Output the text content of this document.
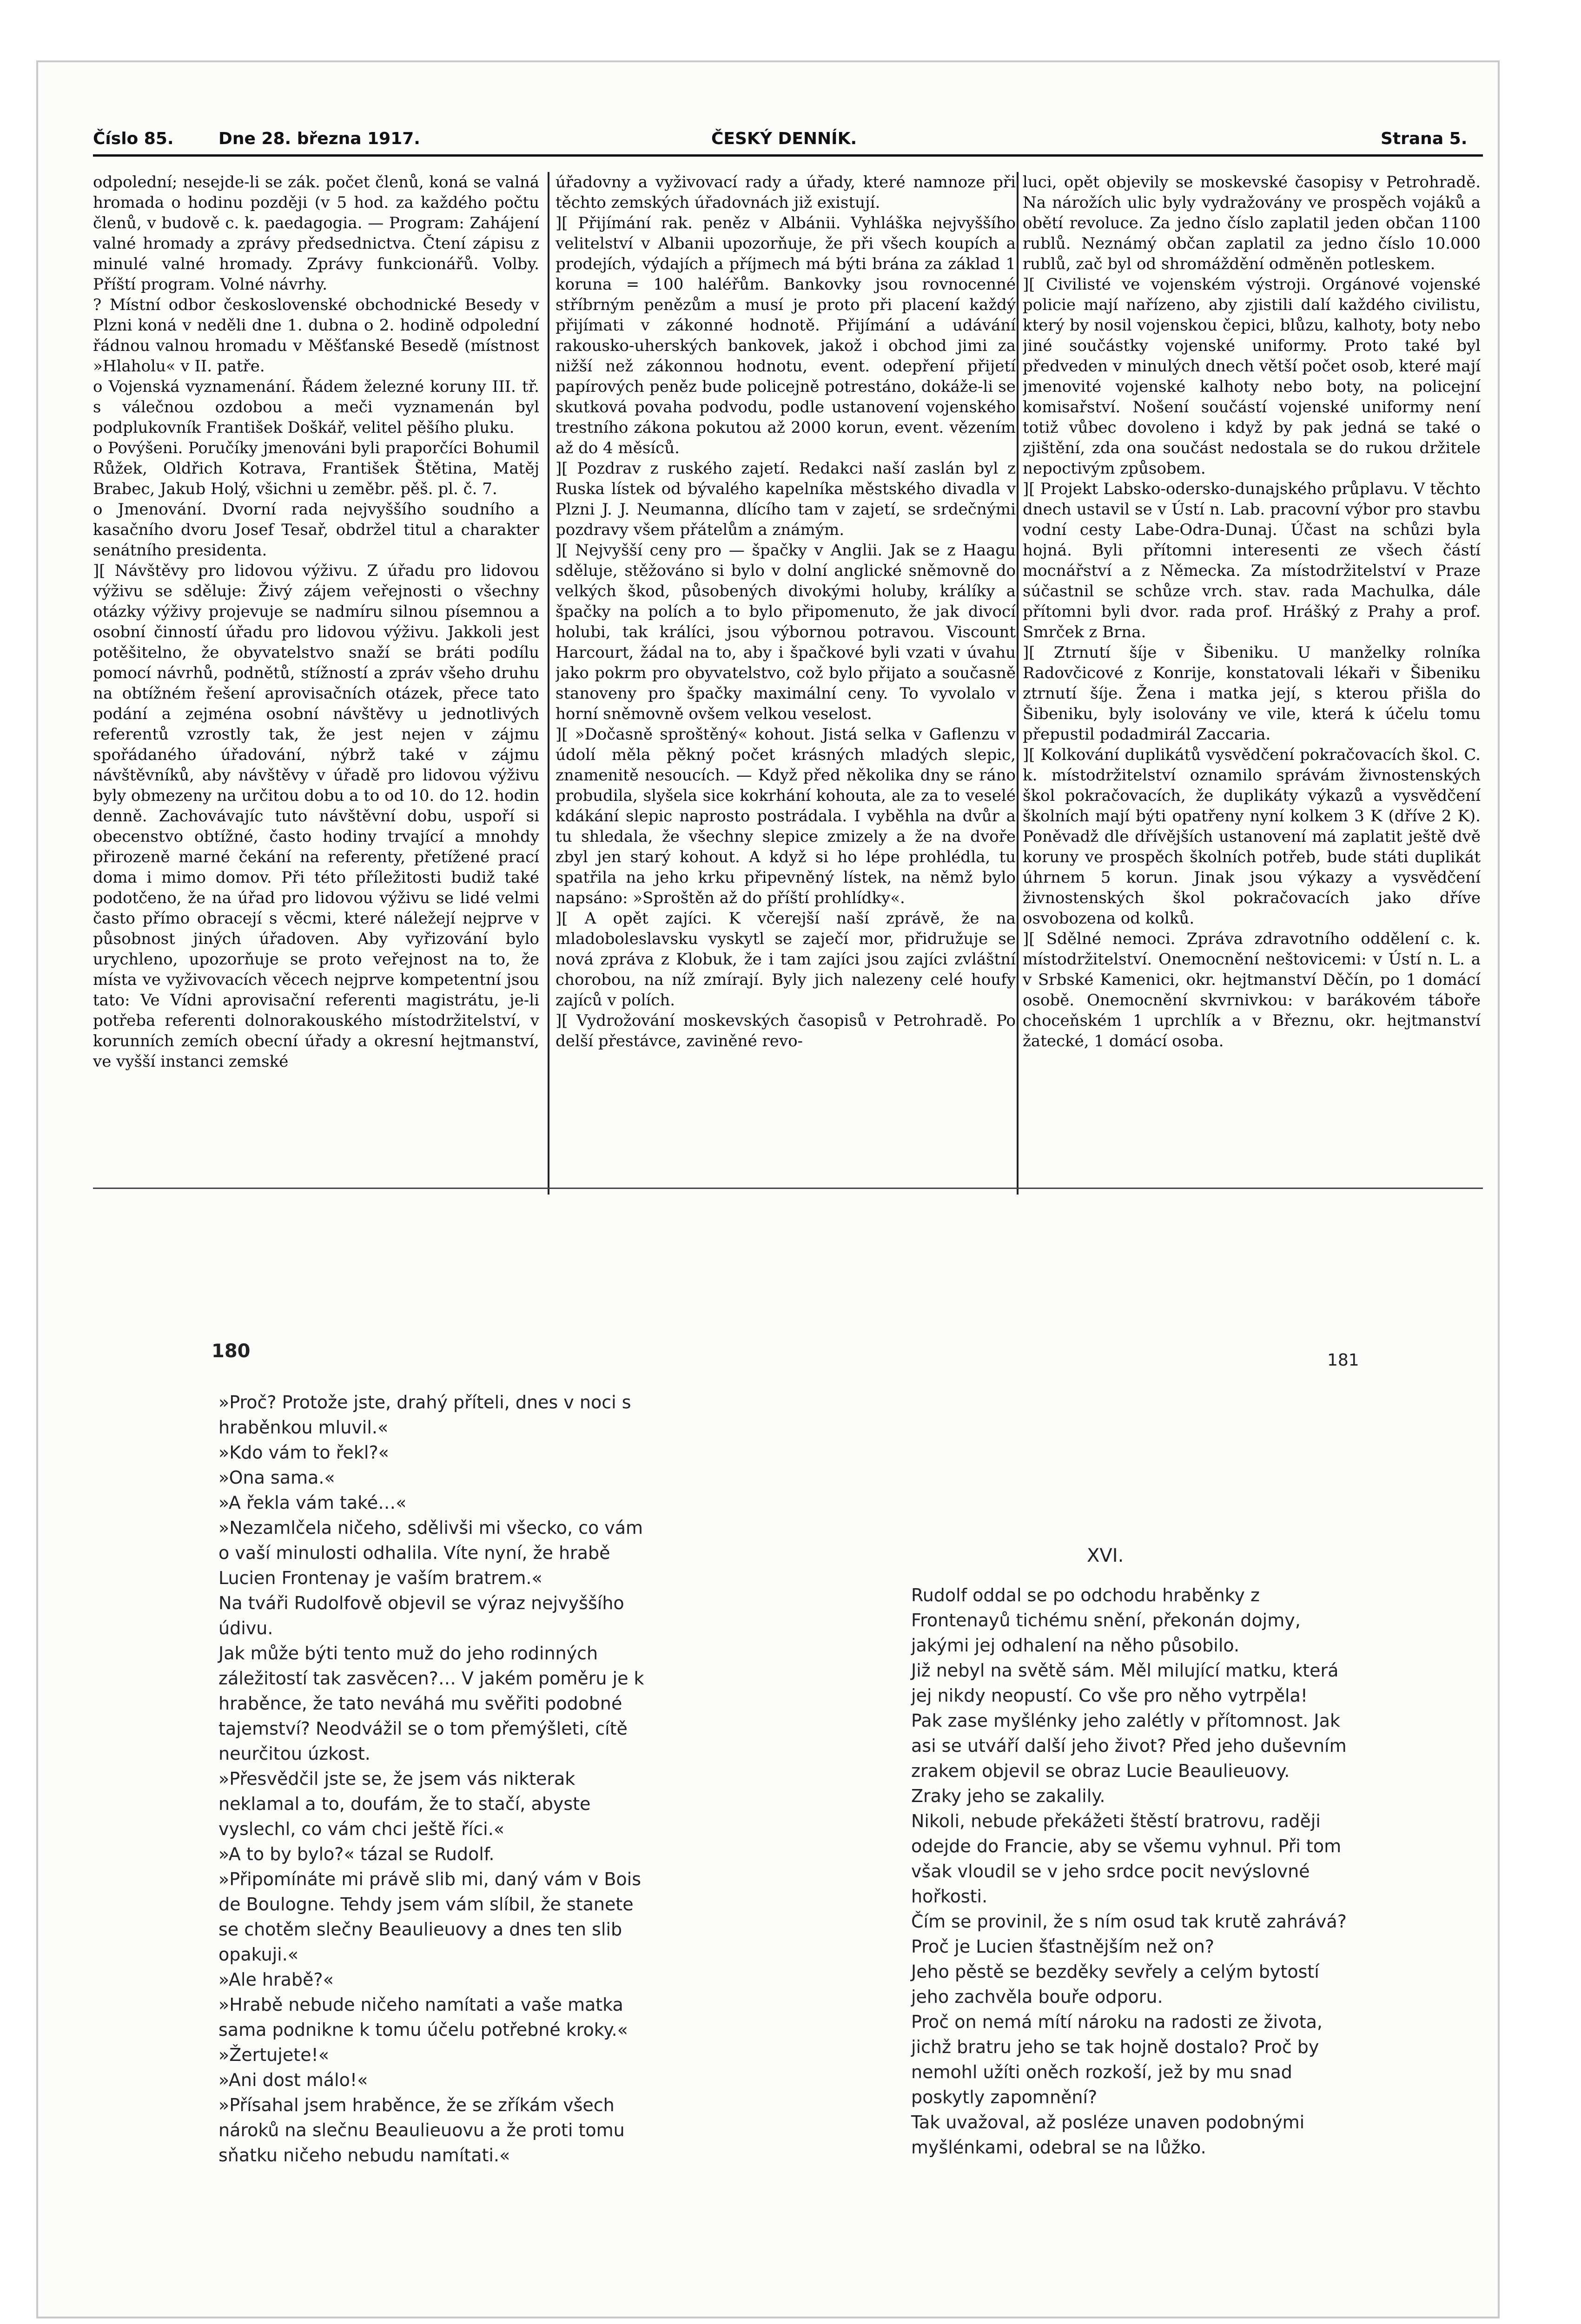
Číslo 85.	Dne 28. března 1917.	ČESKÝ DENNÍK.	Strana 5.

odpolední; nesejde-li se zák. počet členů, koná se valná hromada o hodinu později (v 5 hod. za každého počtu členů, v budově c. k. paedagogia. — Program: Zahájení valné hromady a zprávy předsednictva. Čtení zápisu z minulé valné hromady. Zprávy funkcionářů. Volby. Příští program. Volné návrhy.

? Místní odbor československé obchodnické Besedy v Plzni koná v neděli dne 1. dubna o 2. hodině odpolední řádnou valnou hromadu v Měšťanské Besedě (místnost »Hlaholu« v II. patře.

o Vojenská vyznamenání. Řádem železné koruny III. tř. s válečnou ozdobou a meči vyznamenán byl podplukovník František Doškář, velitel pěšího pluku.

o Povýšeni. Poručíky jmenováni byli praporčíci Bohumil Růžek, Oldřich Kotrava, František Štětina, Matěj Brabec, Jakub Holý, všichni u zeměbr. pěš. pl. č. 7.

o Jmenování. Dvorní rada nejvyššího soudního a kasačního dvoru Josef Tesař, obdržel titul a charakter senátního presidenta.

][ Návštěvy pro lidovou výživu. Z úřadu pro lidovou výživu se sděluje: Živý zájem veřejnosti o všechny otázky výživy projevuje se nadmíru silnou písemnou a osobní činností úřadu pro lidovou výživu. Jakkoli jest potěšitelno, že obyvatelstvo snaží se bráti podílu pomocí návrhů, podnětů, stížností a zpráv všeho druhu na obtížném řešení aprovisačních otázek, přece tato podání a zejména osobní návštěvy u jednotlivých referentů vzrostly tak, že jest nejen v zájmu spořádaného úřadování, nýbrž také v zájmu návštěvníků, aby návštěvy v úřadě pro lidovou výživu byly obmezeny na určitou dobu a to od 10. do 12. hodin denně. Zachovávajíc tuto návštěvní dobu, uspoří si obecenstvo obtížné, často hodiny trvající a mnohdy přirozeně marné čekání na referenty, přetížené prací doma i mimo domov. Při této příležitosti budiž také podotčeno, že na úřad pro lidovou výživu se lidé velmi často přímo obracejí s věcmi, které náležejí nejprve v působnost jiných úřadoven. Aby vyřizování bylo urychleno, upozorňuje se proto veřejnost na to, že místa ve vyživovacích věcech nejprve kompetentní jsou tato: Ve Vídni aprovisační referenti magistrátu, je-li potřeba referenti dolnorakouského místodržitelství, v korunních zemích obecní úřady a okresní hejtmanství, ve vyšší instanci zemské

úřadovny a vyživovací rady a úřady, které namnoze při těchto zemských úřadovnách již existují.

][ Přijímání rak. peněz v Albánii. Vyhláška nejvyššího velitelství v Albanii upozorňuje, že při všech koupích a prodejích, výdajích a příjmech má býti brána za základ 1 koruna = 100 haléřům. Bankovky jsou rovnocenné stříbrným penězům a musí je proto při placení každý přijímati v zákonné hodnotě. Přijímání a udávání rakousko-uherských bankovek, jakož i obchod jimi za nižší než zákonnou hodnotu, event. odepření přijetí papírových peněz bude policejně potrestáno, dokáže-li se skutková povaha podvodu, podle ustanovení vojenského trestního zákona pokutou až 2000 korun, event. vězením až do 4 měsíců.

][ Pozdrav z ruského zajetí. Redakci naší zaslán byl z Ruska lístek od bývalého kapelníka městského divadla v Plzni J. J. Neumanna, dlícího tam v zajetí, se srdečnými pozdravy všem přátelům a známým.

][ Nejvyšší ceny pro — špačky v Anglii. Jak se z Haagu sděluje, stěžováno si bylo v dolní anglické sněmovně do velkých škod, působených divokými holuby, králíky a špačky na polích a to bylo připomenuto, že jak divocí holubi, tak králíci, jsou výbornou potravou. Viscount Harcourt, žádal na to, aby i špačkové byli vzati v úvahu jako pokrm pro obyvatelstvo, což bylo přijato a současně stanoveny pro špačky maximální ceny. To vyvolalo v horní sněmovně ovšem velkou veselost.

][ »Dočasně sproštěný« kohout. Jistá selka v Gaflenzu v údolí měla pěkný počet krásných mladých slepic, znamenitě nesoucích. — Když před několika dny se ráno probudila, slyšela sice kokrhání kohouta, ale za to veselé kdákání slepic naprosto postrádala. I vyběhla na dvůr a tu shledala, že všechny slepice zmizely a že na dvoře zbyl jen starý kohout. A když si ho lépe prohlédla, tu spatřila na jeho krku připevněný lístek, na němž bylo napsáno: »Sproštěn až do příští prohlídky«.

][ A opět zajíci. K včerejší naší zprávě, že na mladoboleslavsku vyskytl se zaječí mor, přidružuje se nová zpráva z Klobuk, že i tam zajíci jsou zajíci zvláštní chorobou, na níž zmírají. Byly jich nalezeny celé houfy zajíců v polích.

][ Vydrožování moskevských časopisů v Petrohradě. Po delší přestávce, zaviněné revo-

luci, opět objevily se moskevské časopisy v Petrohradě. Na nárožích ulic byly vydražovány ve prospěch vojáků a obětí revoluce. Za jedno číslo zaplatil jeden občan 1100 rublů. Neznámý občan zaplatil za jedno číslo 10.000 rublů, zač byl od shromáždění odměněn potleskem.

][ Civilisté ve vojenském výstroji. Orgánové vojenské policie mají nařízeno, aby zjistili dalí každého civilistu, který by nosil vojenskou čepici, blůzu, kalhoty, boty nebo jiné součástky vojenské uniformy. Proto také byl předveden v minulých dnech větší počet osob, které mají jmenovité vojenské kalhoty nebo boty, na policejní komisařství. Nošení součástí vojenské uniformy není totiž vůbec dovoleno i když by pak jedná se také o zjištění, zda ona součást nedostala se do rukou držitele nepoctivým způsobem.

][ Projekt Labsko-odersko-dunajského průplavu. V těchto dnech ustavil se v Ústí n. Lab. pracovní výbor pro stavbu vodní cesty Labe-Odra-Dunaj. Účast na schůzi byla hojná. Byli přítomni interesenti ze všech částí mocnářství a z Německa. Za místodržitelství v Praze súčastnil se schůze vrch. stav. rada Machulka, dále přítomni byli dvor. rada prof. Hrášký z Prahy a prof. Smrček z Brna.

][ Ztrnutí šíje v Šibeniku. U manželky rolníka Radovčicové z Konrije, konstatovali lékaři v Šibeniku ztrnutí šíje. Žena i matka její, s kterou přišla do Šibeniku, byly isolovány ve vile, která k účelu tomu přepustil podadmirál Zaccaria.

][ Kolkování duplikátů vysvědčení pokračovacích škol. C. k. místodržitelství oznamilo správám živnostenských škol pokračovacích, že duplikáty výkazů a vysvědčení školních mají býti opatřeny nyní kolkem 3 K (dříve 2 K). Poněvadž dle dřívějších ustanovení má zaplatit ještě dvě koruny ve prospěch školních potřeb, bude státi duplikát úhrnem 5 korun. Jinak jsou výkazy a vysvědčení živnostenských škol pokračovacích jako dříve osvobozena od kolků.

][ Sdělné nemoci. Zpráva zdravotního oddělení c. k. místodržitelství. Onemocnění neštovicemi: v Ústí n. L. a v Srbské Kamenici, okr. hejtmanství Děčín, po 1 domácí osobě. Onemocnění skvrnivkou: v barákovém táboře choceňském 1 uprchlík a v Březnu, okr. hejtmanství žatecké, 1 domácí osoba.

180	181
XVI.

»Proč? Protože jste, drahý příteli, dnes v noci s hraběnkou mluvil.«

»Kdo vám to řekl?«

»Ona sama.«

»A řekla vám také…«

»Nezamlčela ničeho, sdělivši mi všecko, co vám o vaší minulosti odhalila. Víte nyní, že hrabě Lucien Frontenay je vaším bratrem.«

Na tváři Rudolfově objevil se výraz nejvyššího údivu.

Jak může býti tento muž do jeho rodinných záležitostí tak zasvěcen?… V jakém poměru je k hraběnce, že tato neváhá mu svěřiti podobné tajemství? Neodvážil se o tom přemýšleti, cítě neurčitou úzkost.

»Přesvědčil jste se, že jsem vás nikterak neklamal a to, doufám, že to stačí, abyste vyslechl, co vám chci ještě říci.«

»A to by bylo?« tázal se Rudolf.

»Připomínáte mi právě slib mi, daný vám v Bois de Boulogne. Tehdy jsem vám slíbil, že stanete se chotěm slečny Beaulieuovy a dnes ten slib opakuji.«

»Ale hrabě?«

»Hrabě nebude ničeho namítati a vaše matka sama podnikne k tomu účelu potřebné kroky.«

»Žertujete!«

»Ani dost málo!«

»Přísahal jsem hraběnce, že se zříkám všech nároků na slečnu Beaulieuovu a že proti tomu sňatku ničeho nebudu namítati.«

Rudolf oddal se po odchodu hraběnky z Frontenayů tichému snění, překonán dojmy, jakými jej odhalení na něho působilo.

Již nebyl na světě sám. Měl milující matku, která jej nikdy neopustí. Co vše pro něho vytrpěla!

Pak zase myšlénky jeho zalétly v přítomnost. Jak asi se utváří další jeho život? Před jeho duševním zrakem objevil se obraz Lucie Beaulieuovy.

Zraky jeho se zakalily.

Nikoli, nebude překážeti štěstí bratrovu, raději odejde do Francie, aby se všemu vyhnul. Při tom však vloudil se v jeho srdce pocit nevýslovné hořkosti.

Čím se provinil, že s ním osud tak krutě zahrává? Proč je Lucien šťastnějším než on?

Jeho pěstě se bezděky sevřely a celým bytostí jeho zachvěla bouře odporu.

Proč on nemá mítí nároku na radosti ze života, jichž bratru jeho se tak hojně dostalo? Proč by nemohl užíti oněch rozkoší, jež by mu snad poskytly zapomnění?

Tak uvažoval, až posléze unaven podobnými myšlénkami, odebral se na lůžko.
